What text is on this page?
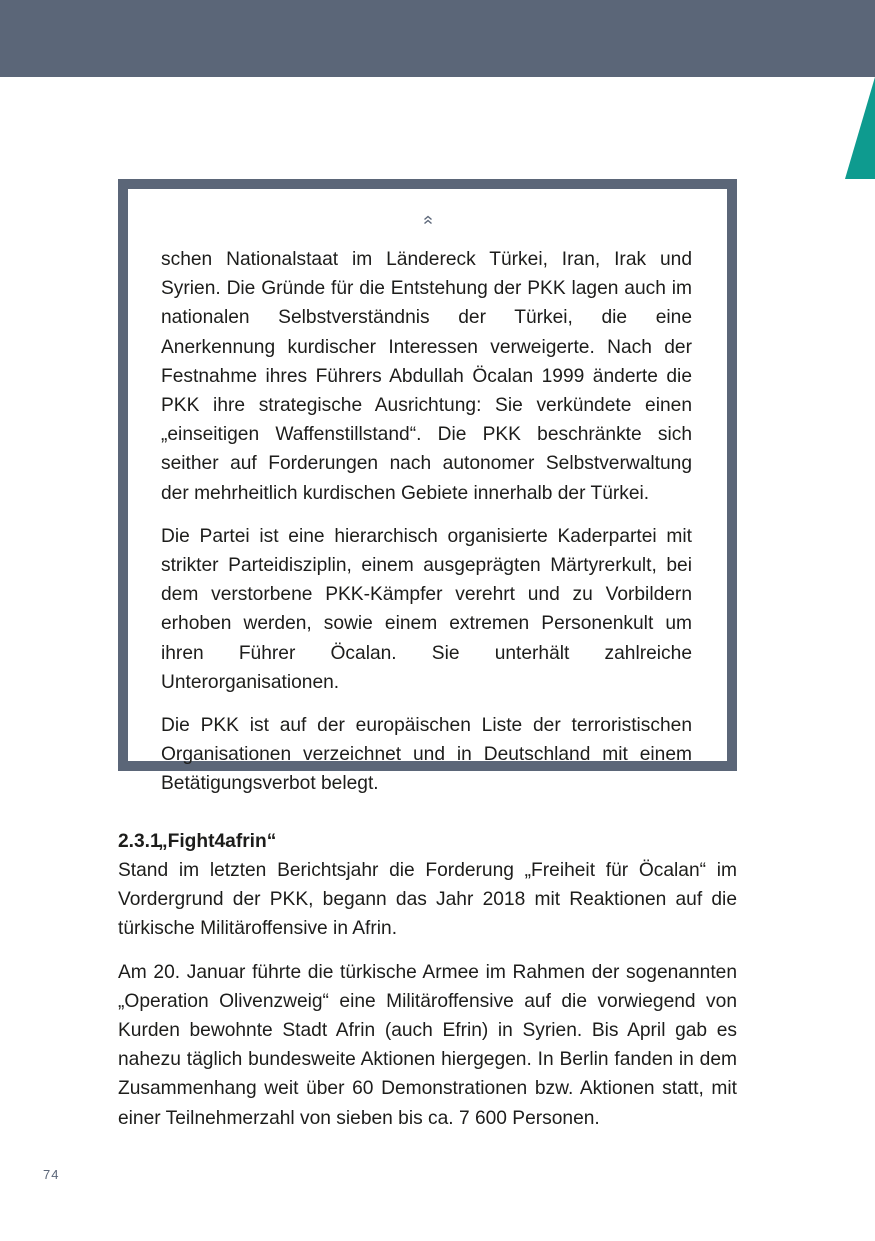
schen Nationalstaat im Ländereck Türkei, Iran, Irak und Syrien. Die Gründe für die Entstehung der PKK lagen auch im nationalen Selbstverständnis der Türkei, die eine Anerkennung kurdischer Interessen verweigerte. Nach der Festnahme ihres Führers Abdullah Öcalan 1999 änderte die PKK ihre strategische Ausrichtung: Sie verkündete einen „einseitigen Waffenstillstand“. Die PKK beschränkte sich seither auf Forderungen nach autonomer Selbstverwaltung der mehrheitlich kurdischen Gebiete innerhalb der Türkei.

Die Partei ist eine hierarchisch organisierte Kaderpartei mit strikter Parteidisziplin, einem ausgeprägten Märtyrerkult, bei dem verstorbene PKK-Kämpfer verehrt und zu Vorbildern erhoben werden, sowie einem extremen Personenkult um ihren Führer Öcalan. Sie unterhält zahlreiche Unterorganisationen.

Die PKK ist auf der europäischen Liste der terroristischen Organisationen verzeichnet und in Deutschland mit einem Betätigungsverbot belegt.

2.3.1„Fight4afrin“

Stand im letzten Berichtsjahr die Forderung „Freiheit für Öcalan“ im Vordergrund der PKK, begann das Jahr 2018 mit Reaktionen auf die türkische Militäroffensive in Afrin.

Am 20. Januar führte die türkische Armee im Rahmen der sogenannten „Operation Olivenzweig“ eine Militäroffensive auf die vorwiegend von Kurden bewohnte Stadt Afrin (auch Efrin) in Syrien. Bis April gab es nahezu täglich bundesweite Aktionen hiergegen. In Berlin fanden in dem Zusammenhang weit über 60 Demonstrationen bzw. Aktionen statt, mit einer Teilnehmerzahl von sieben bis ca. 7 600 Personen.

74
